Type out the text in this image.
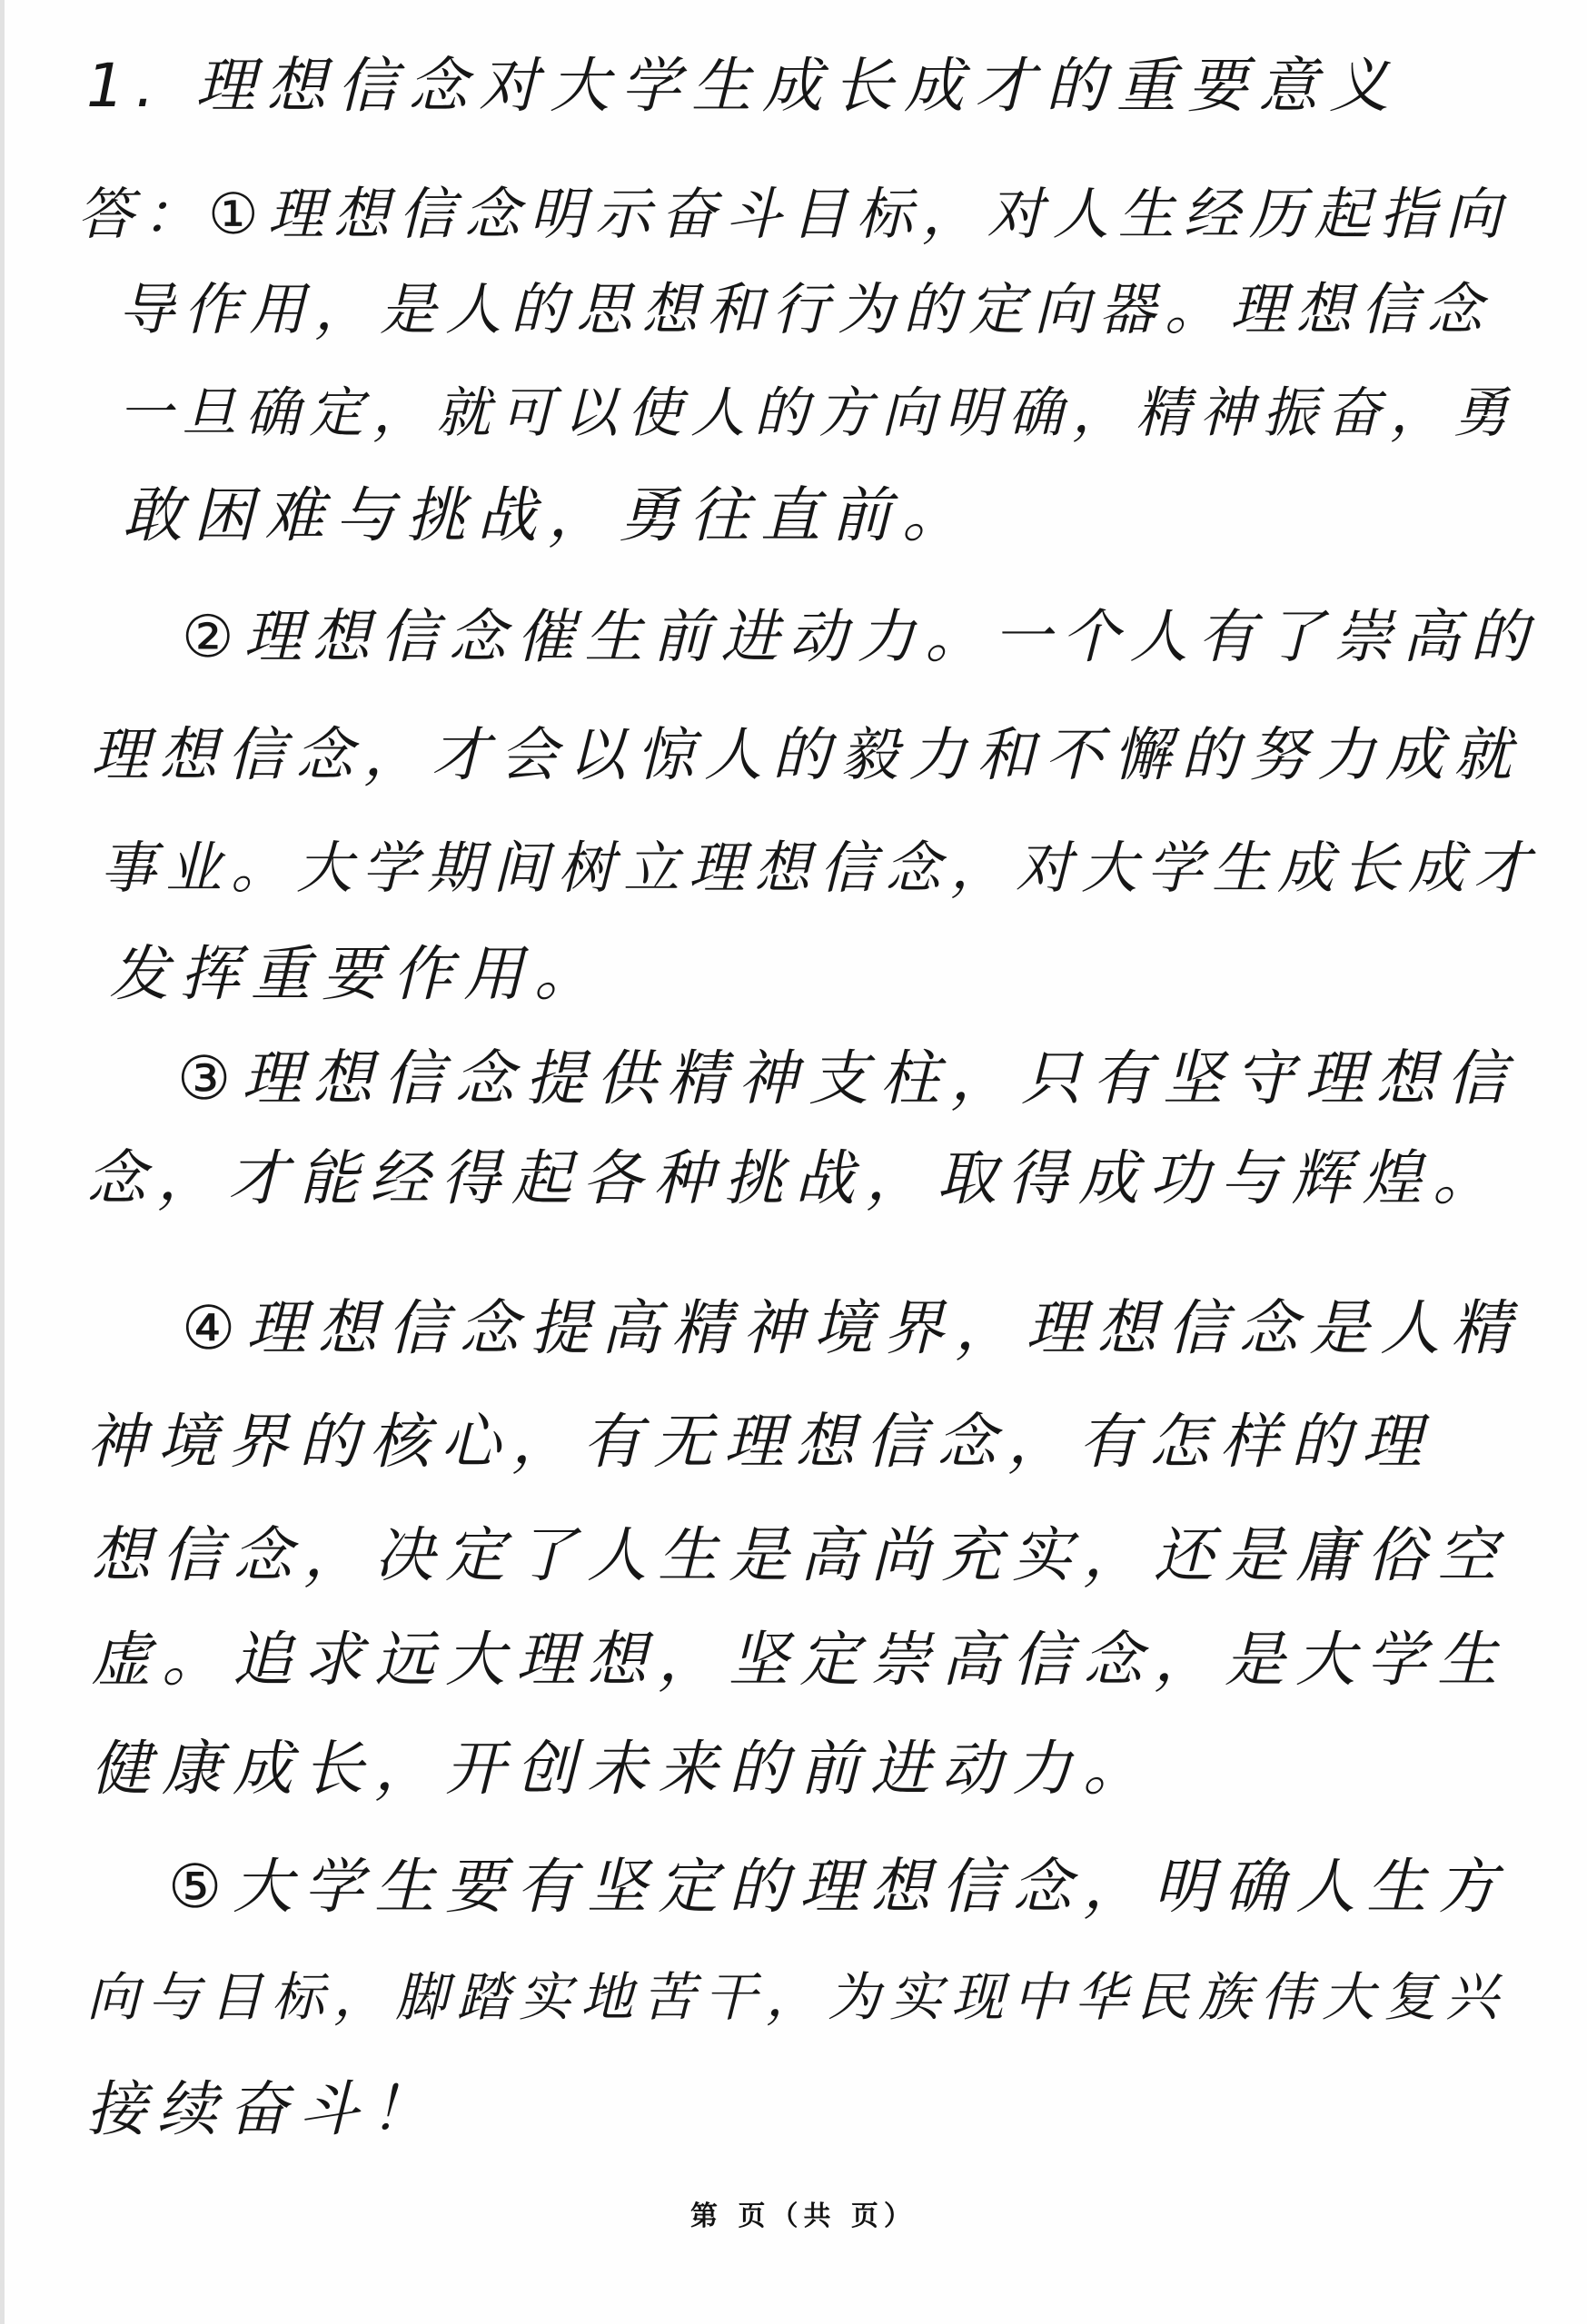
1. 理想信念对大学生成长成才的重要意义
答：①理想信念明示奋斗目标，对人生经历起指向
导作用，是人的思想和行为的定向器。理想信念
一旦确定，就可以使人的方向明确，精神振奋，勇
敢困难与挑战，勇往直前。
②理想信念催生前进动力。一个人有了崇高的
理想信念，才会以惊人的毅力和不懈的努力成就
事业。大学期间树立理想信念，对大学生成长成才
发挥重要作用。
③理想信念提供精神支柱，只有坚守理想信
念，才能经得起各种挑战，取得成功与辉煌。
④理想信念提高精神境界，理想信念是人精
神境界的核心，有无理想信念，有怎样的理
想信念，决定了人生是高尚充实，还是庸俗空
虚。追求远大理想，坚定崇高信念，是大学生
健康成长，开创未来的前进动力。
⑤大学生要有坚定的理想信念，明确人生方
向与目标，脚踏实地苦干，为实现中华民族伟大复兴
接续奋斗！
第 页（共 页）
